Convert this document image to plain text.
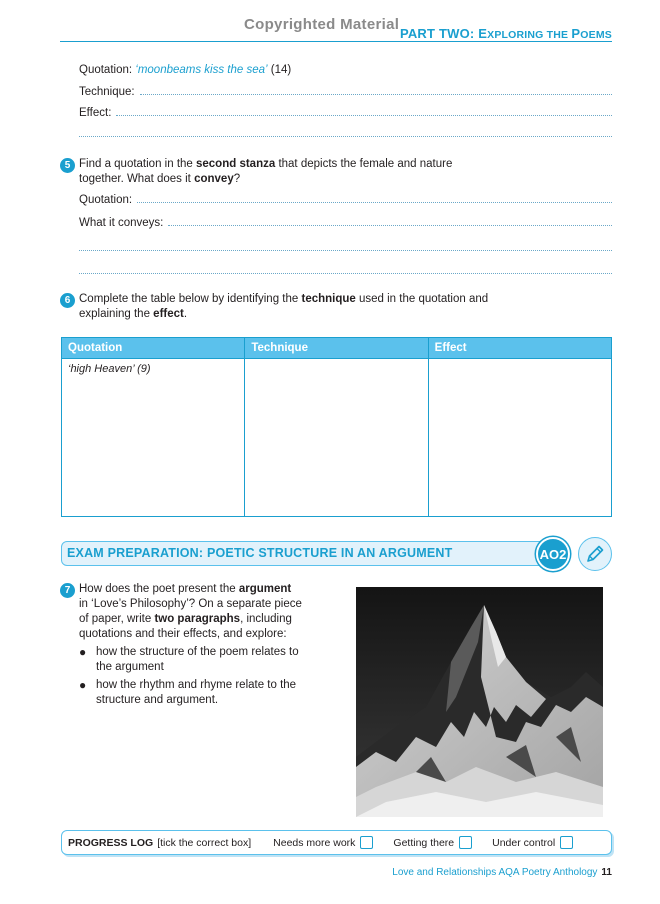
Copyrighted Material
PART TWO: EXPLORING THE POEMS
Quotation: ‘moonbeams kiss the sea’ (14)
Technique:
Effect:
5 Find a quotation in the second stanza that depicts the female and nature
together. What does it convey?
Quotation:
What it conveys:
6 Complete the table below by identifying the technique used in the quotation and
explaining the effect.
Quotation	Technique	Effect
‘high Heaven’ (9)		
EXAM PREPARATION: POETIC STRUCTURE IN AN ARGUMENT	AO2
7 How does the poet present the argument
in ‘Love’s Philosophy’? On a separate piece
of paper, write two paragraphs, including
quotations and their effects, and explore:
● how the structure of the poem relates to
the argument
● how the rhythm and rhyme relate to the
structure and argument.
PROGRESS LOG [tick the correct box] Needs more work	Getting there	Under control
Love and Relationships AQA Poetry Anthology 11
